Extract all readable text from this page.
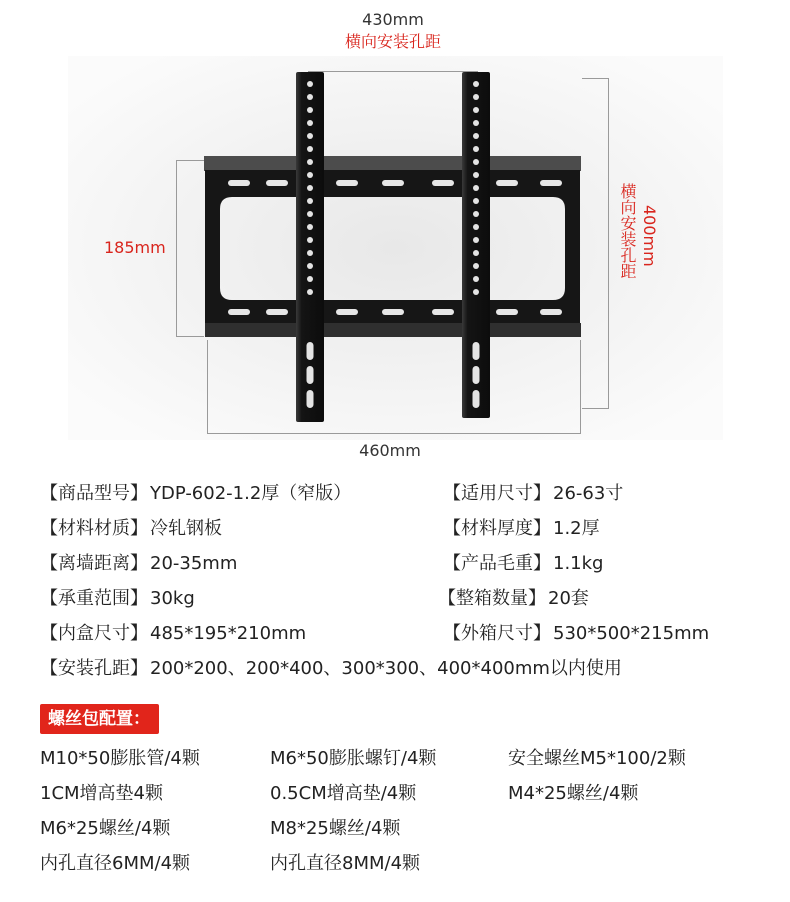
430mm
横向安装孔距
185mm	横向安装孔距 400mm
460mm
【商品型号】 YDP-602-1.2厚（窄版）	【适用尺寸】 26-63寸
【材料材质】 冷轧钢板	【材料厚度】 1.2厚
【离墙距离】 20-35mm	【产品毛重】 1.1kg
【承重范围】 30kg	【整箱数量】 20套
【内盒尺寸】 485*195*210mm	【外箱尺寸】 530*500*215mm
【安装孔距】 200*200、200*400、300*300、400*400mm以内使用
螺丝包配置：
M10*50膨胀管/4颗	M6*50膨胀螺钉/4颗	安全螺丝M5*100/2颗
1CM增高垫4颗	0.5CM增高垫/4颗	M4*25螺丝/4颗
M6*25螺丝/4颗	M8*25螺丝/4颗
内孔直径6MM/4颗	内孔直径8MM/4颗
